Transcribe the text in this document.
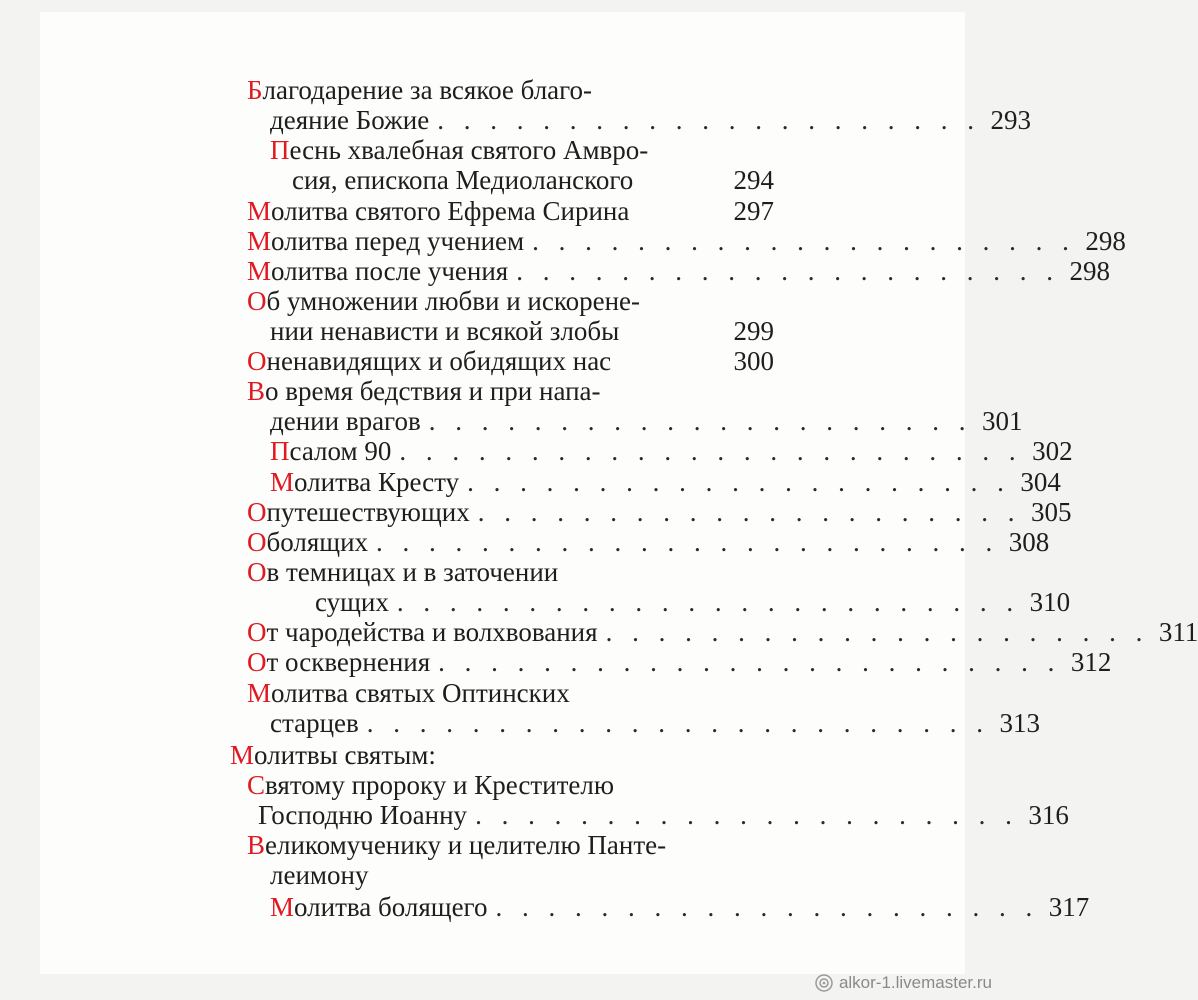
Б лагодарение за всякое благо-
деяние Божие . . . . . . . . . . . . . . . . . . . . . 293
П еснь хвалебная святого Амвро-
сия, епископа Медиоланского	294
М олитва святого Ефрема Сирина	297
М олитва перед учением . . . . . . . . . . . . . . . . . . . . . 298
М олитва после учения . . . . . . . . . . . . . . . . . . . . . 298
О б умножении любви и искорене-
нии ненависти и всякой злобы	299
О ненавидящих и обидящих нас	300
В о время бедствия и при напа-
дении врагов . . . . . . . . . . . . . . . . . . . . . 301
П салом 90 . . . . . . . . . . . . . . . . . . . . . . . . 302
М олитва Кресту . . . . . . . . . . . . . . . . . . . . . 304
О путешествующих . . . . . . . . . . . . . . . . . . . . . 305
О болящих . . . . . . . . . . . . . . . . . . . . . . . . 308
О в темницах и в заточении
сущих . . . . . . . . . . . . . . . . . . . . . . . . 310
О т чародейства и волхвования . . . . . . . . . . . . . . . . . . . . . 311
О т осквернения . . . . . . . . . . . . . . . . . . . . . . . . 312
М олитва святых Оптинских
старцев . . . . . . . . . . . . . . . . . . . . . . . . 313
М олитвы святым:
С вятому пророку и Крестителю
Господню Иоанну . . . . . . . . . . . . . . . . . . . . . 316
В еликомученику и целителю Панте-
леимону
М олитва болящего . . . . . . . . . . . . . . . . . . . . . 317
alkor-1.livemaster.ru
